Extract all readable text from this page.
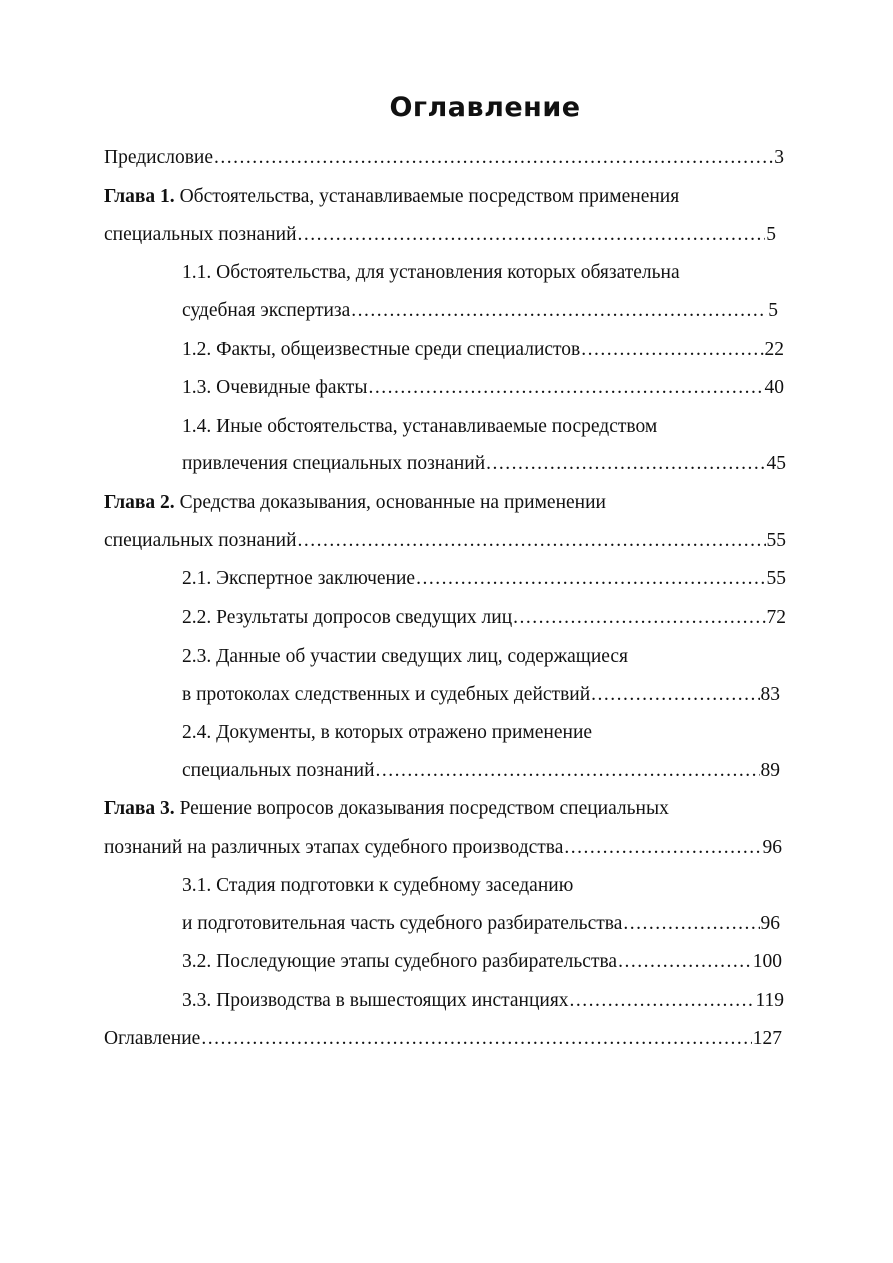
Оглавление
Предисловие .....	3
Глава 1. Обстоятельства, устанавливаемые посредством применения
специальных познаний .....	5
1.1. Обстоятельства, для установления которых обязательна
судебная экспертиза .....	5
1.2. Факты, общеизвестные среди специалистов .....	22
1.3. Очевидные факты .....	40
1.4. Иные обстоятельства, устанавливаемые посредством
привлечения специальных познаний .....	45
Глава 2. Средства доказывания, основанные на применении
специальных познаний .....	55
2.1. Экспертное заключение .....	55
2.2. Результаты допросов сведущих лиц .....	72
2.3. Данные об участии сведущих лиц, содержащиеся
в протоколах следственных и судебных действий .....	83
2.4. Документы, в которых отражено применение
специальных познаний .....	89
Глава 3. Решение вопросов доказывания посредством специальных
познаний на различных этапах судебного производства .....	96
3.1. Стадия подготовки к судебному заседанию
и подготовительная часть судебного разбирательства .....	96
3.2. Последующие этапы судебного разбирательства .....	100
3.3. Производства в вышестоящих инстанциях .....	119
Оглавление .....	127
